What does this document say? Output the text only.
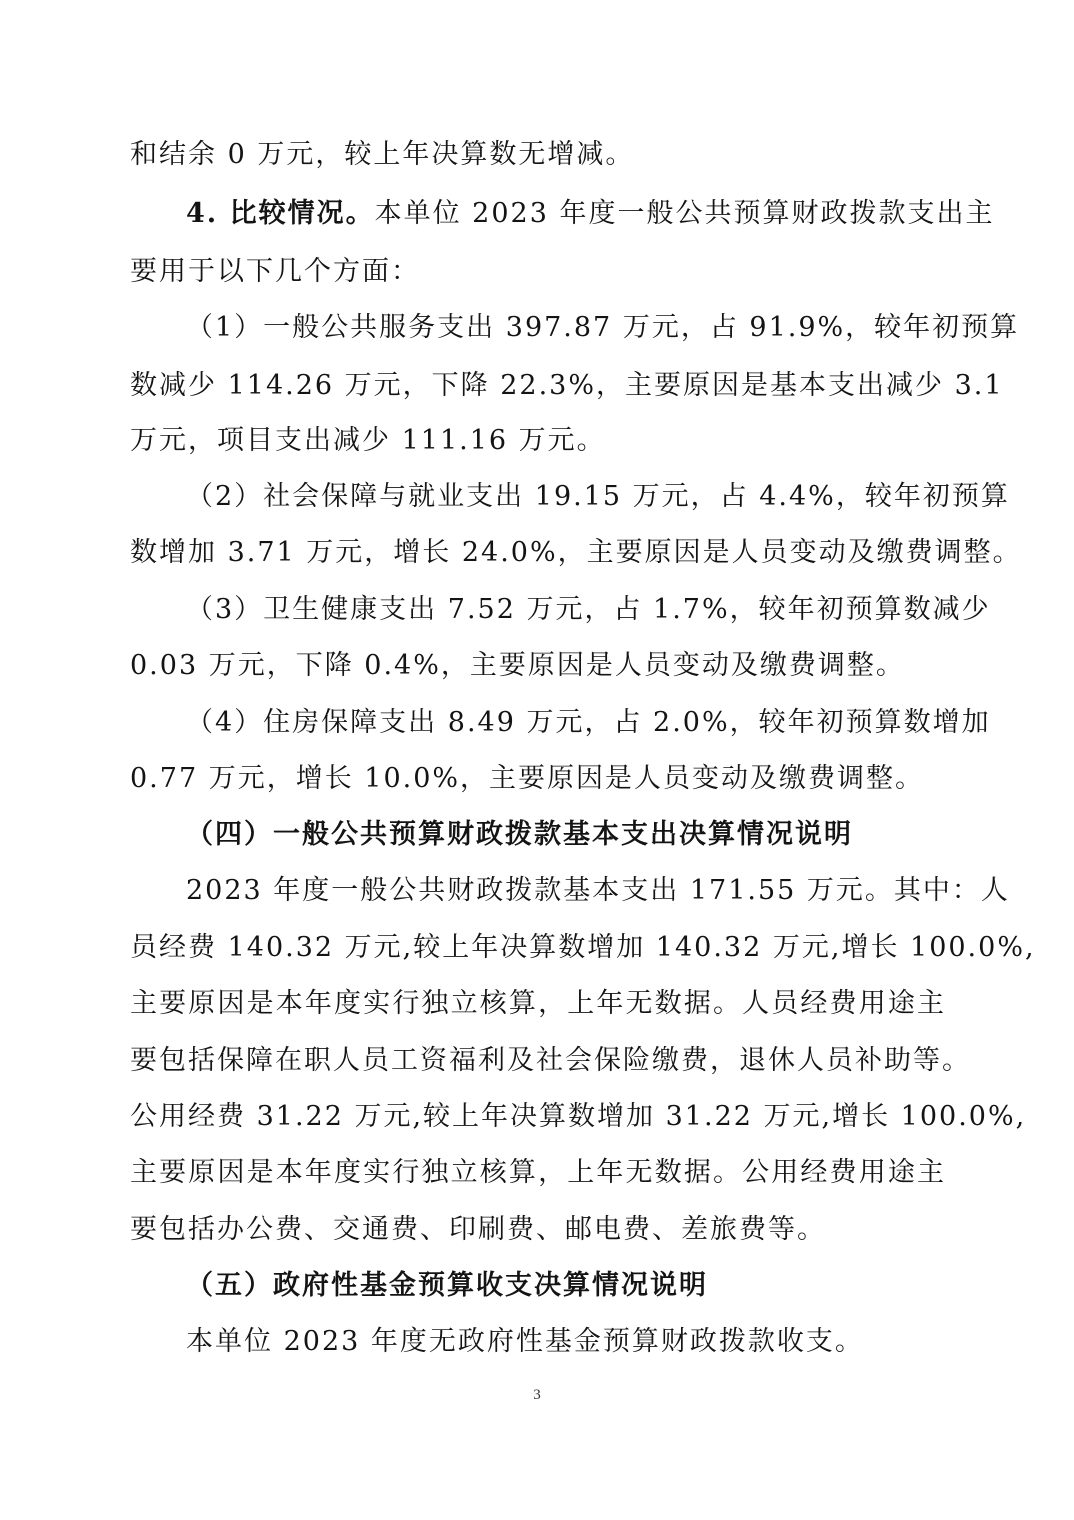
和结余 0 万元，较上年决算数无增减。
4. 比较情况。本单位 2023 年度一般公共预算财政拨款支出主
要用于以下几个方面：
（1）一般公共服务支出 397.87 万元，占 91.9%，较年初预算
数减少 114.26 万元，下降 22.3%，主要原因是基本支出减少 3.1
万元，项目支出减少 111.16 万元。
（2）社会保障与就业支出 19.15 万元，占 4.4%，较年初预算
数增加 3.71 万元，增长 24.0%，主要原因是人员变动及缴费调整。
（3）卫生健康支出 7.52 万元，占 1.7%，较年初预算数减少
0.03 万元，下降 0.4%，主要原因是人员变动及缴费调整。
（4）住房保障支出 8.49 万元，占 2.0%，较年初预算数增加
0.77 万元，增长 10.0%，主要原因是人员变动及缴费调整。
（四）一般公共预算财政拨款基本支出决算情况说明
2023 年度一般公共财政拨款基本支出 171.55 万元。其中：人
员经费 140.32 万元,较上年决算数增加 140.32 万元,增长 100.0%,
主要原因是本年度实行独立核算，上年无数据。人员经费用途主
要包括保障在职人员工资福利及社会保险缴费，退休人员补助等。
公用经费 31.22 万元,较上年决算数增加 31.22 万元,增长 100.0%,
主要原因是本年度实行独立核算，上年无数据。公用经费用途主
要包括办公费、交通费、印刷费、邮电费、差旅费等。
（五）政府性基金预算收支决算情况说明
本单位 2023 年度无政府性基金预算财政拨款收支。
3
